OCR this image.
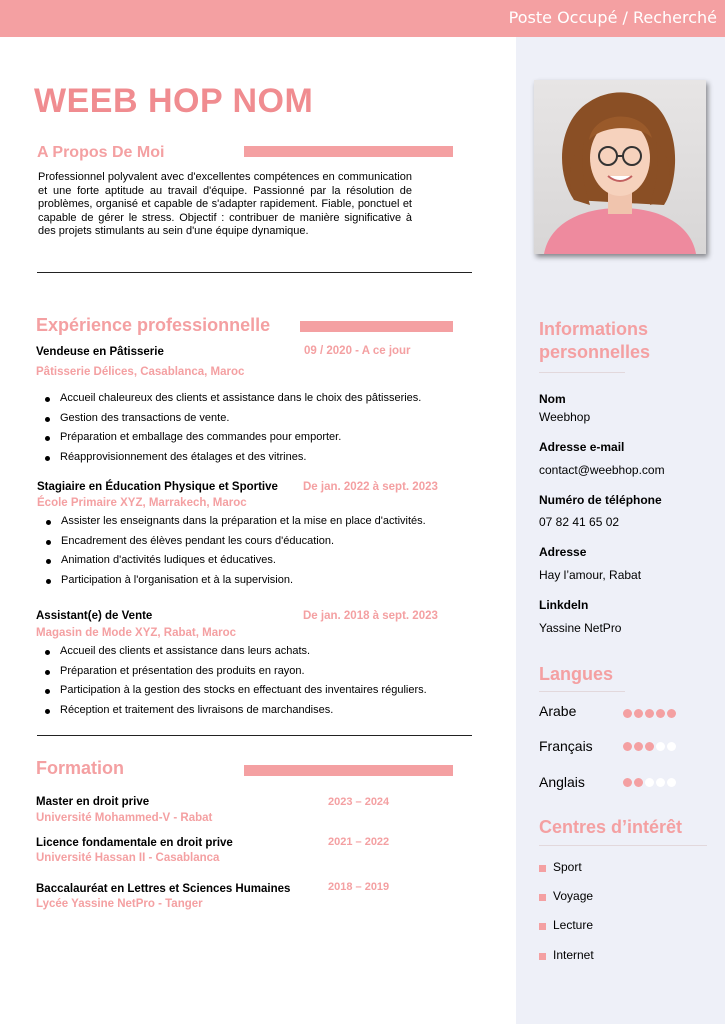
Poste Occupé / Recherché
WEEB HOP NOM
A Propos De Moi
Professionnel polyvalent avec d'excellentes compétences en communication et une forte aptitude au travail d'équipe. Passionné par la résolution de problèmes, organisé et capable de s'adapter rapidement. Fiable, ponctuel et capable de gérer le stress. Objectif : contribuer de manière significative à des projets stimulants au sein d'une équipe dynamique.
Expérience professionnelle
Vendeuse en Pâtisserie	09 / 2020 - A ce jour
Pâtisserie Délices, Casablanca, Maroc
Accueil chaleureux des clients et assistance dans le choix des pâtisseries.
Gestion des transactions de vente.
Préparation et emballage des commandes pour emporter.
Réapprovisionnement des étalages et des vitrines.
Stagiaire en Éducation Physique et Sportive De jan. 2022 à sept. 2023
École Primaire XYZ, Marrakech, Maroc
Assister les enseignants dans la préparation et la mise en place d'activités.
Encadrement des élèves pendant les cours d'éducation.
Animation d'activités ludiques et éducatives.
Participation à l'organisation et à la supervision.
Assistant(e) de Vente	De jan. 2018 à sept. 2023
Magasin de Mode XYZ, Rabat, Maroc
Accueil des clients et assistance dans leurs achats.
Préparation et présentation des produits en rayon.
Participation à la gestion des stocks en effectuant des inventaires réguliers.
Réception et traitement des livraisons de marchandises.
Formation
Master en droit prive
Université Mohammed-V - Rabat
2023 – 2024
Licence fondamentale en droit prive
Université Hassan II - Casablanca
2021 – 2022
Baccalauréat en Lettres et Sciences Humaines
Lycée Yassine NetPro - Tanger
2018 – 2019
Informations
personnelles
Nom
Weebhop
Adresse e-mail
contact@weebhop.com
Numéro de téléphone
07 82 41 65 02
Adresse
Hay l’amour, Rabat
Linkdeln
Yassine NetPro
Langues
Arabe
Français
Anglais
Centres d’intérêt
Sport
Voyage
Lecture
Internet
